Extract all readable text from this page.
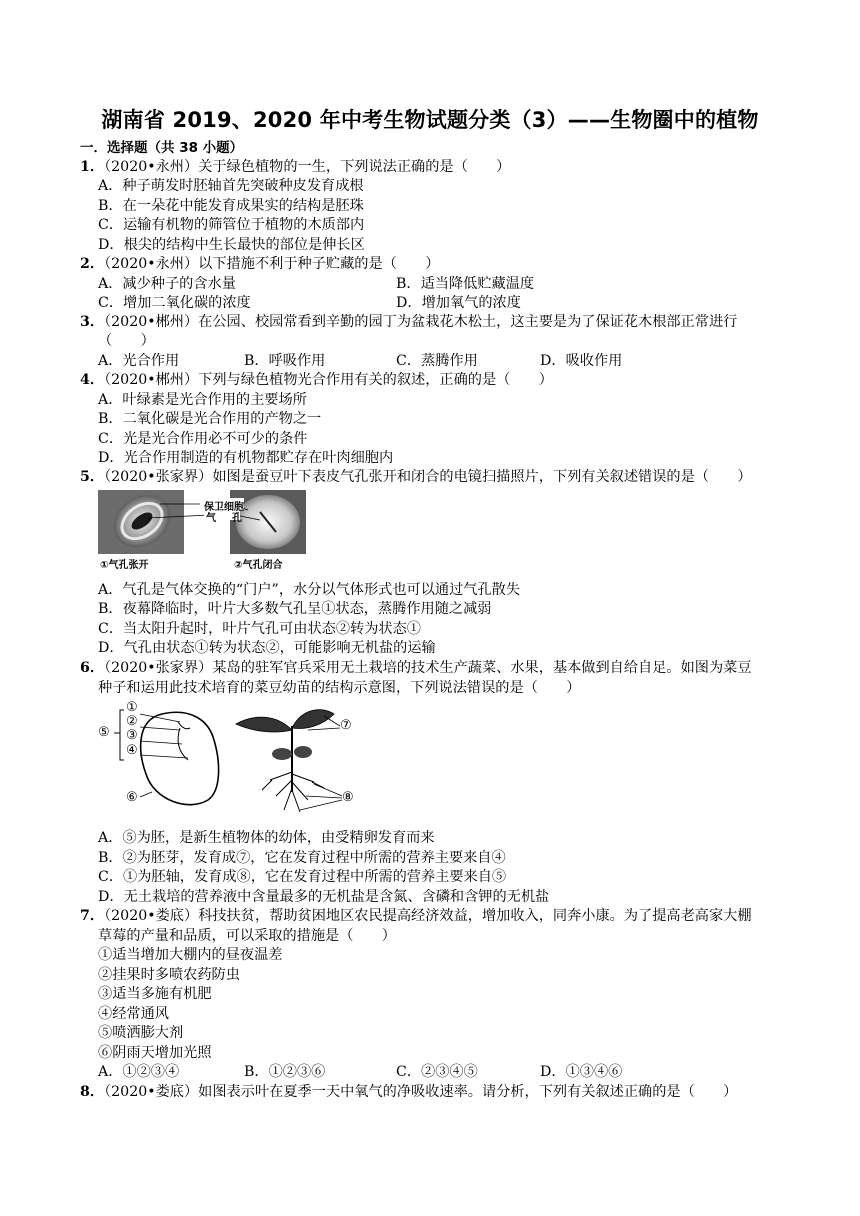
湖南省 2019、2020 年中考生物试题分类（3）——生物圈中的植物
一．选择题（共 38 小题）
1．（2020•永州）关于绿色植物的一生，下列说法正确的是（　　）
A．种子萌发时胚轴首先突破种皮发育成根
B．在一朵花中能发育成果实的结构是胚珠
C．运输有机物的筛管位于植物的木质部内
D．根尖的结构中生长最快的部位是伸长区
2．（2020•永州）以下措施不利于种子贮藏的是（　　）
A．减少种子的含水量	B．适当降低贮藏温度
C．增加二氧化碳的浓度	D．增加氧气的浓度
3．（2020•郴州）在公园、校园常看到辛勤的园丁为盆栽花木松土，这主要是为了保证花木根部正常进行
（　　）
A．光合作用	B．呼吸作用	C．蒸腾作用	D．吸收作用
4．（2020•郴州）下列与绿色植物光合作用有关的叙述，正确的是（　　）
A．叶绿素是光合作用的主要场所
B．二氧化碳是光合作用的产物之一
C．光是光合作用必不可少的条件
D．光合作用制造的有机物都贮存在叶肉细胞内
5．（2020•张家界）如图是蚕豆叶下表皮气孔张开和闭合的电镜扫描照片，下列有关叙述错误的是（　　）
保卫细胞
气 孔
①气孔张开	②气孔闭合
A．气孔是气体交换的“门户”，水分以气体形式也可以通过气孔散失
B．夜幕降临时，叶片大多数气孔呈①状态，蒸腾作用随之减弱
C．当太阳升起时，叶片气孔可由状态②转为状态①
D．气孔由状态①转为状态②，可能影响无机盐的运输
6．（2020•张家界）某岛的驻军官兵采用无土栽培的技术生产蔬菜、水果，基本做到自给自足。如图为菜豆
种子和运用此技术培育的菜豆幼苗的结构示意图，下列说法错误的是（　　）
①
②
③
④
⑤
⑥
⑦
⑧
A．⑤为胚，是新生植物体的幼体，由受精卵发育而来
B．②为胚芽，发育成⑦，它在发育过程中所需的营养主要来自④
C．①为胚轴，发育成⑧，它在发育过程中所需的营养主要来自⑤
D．无土栽培的营养液中含量最多的无机盐是含氮、含磷和含钾的无机盐
7．（2020•娄底）科技扶贫，帮助贫困地区农民提高经济效益，增加收入，同奔小康。为了提高老高家大棚
草莓的产量和品质，可以采取的措施是（　　）
①适当增加大棚内的昼夜温差
②挂果时多喷农药防虫
③适当多施有机肥
④经常通风
⑤喷洒膨大剂
⑥阴雨天增加光照
A．①②③④	B．①②③⑥	C．②③④⑤	D．①③④⑥
8．（2020•娄底）如图表示叶在夏季一天中氧气的净吸收速率。请分析，下列有关叙述正确的是（　　）
